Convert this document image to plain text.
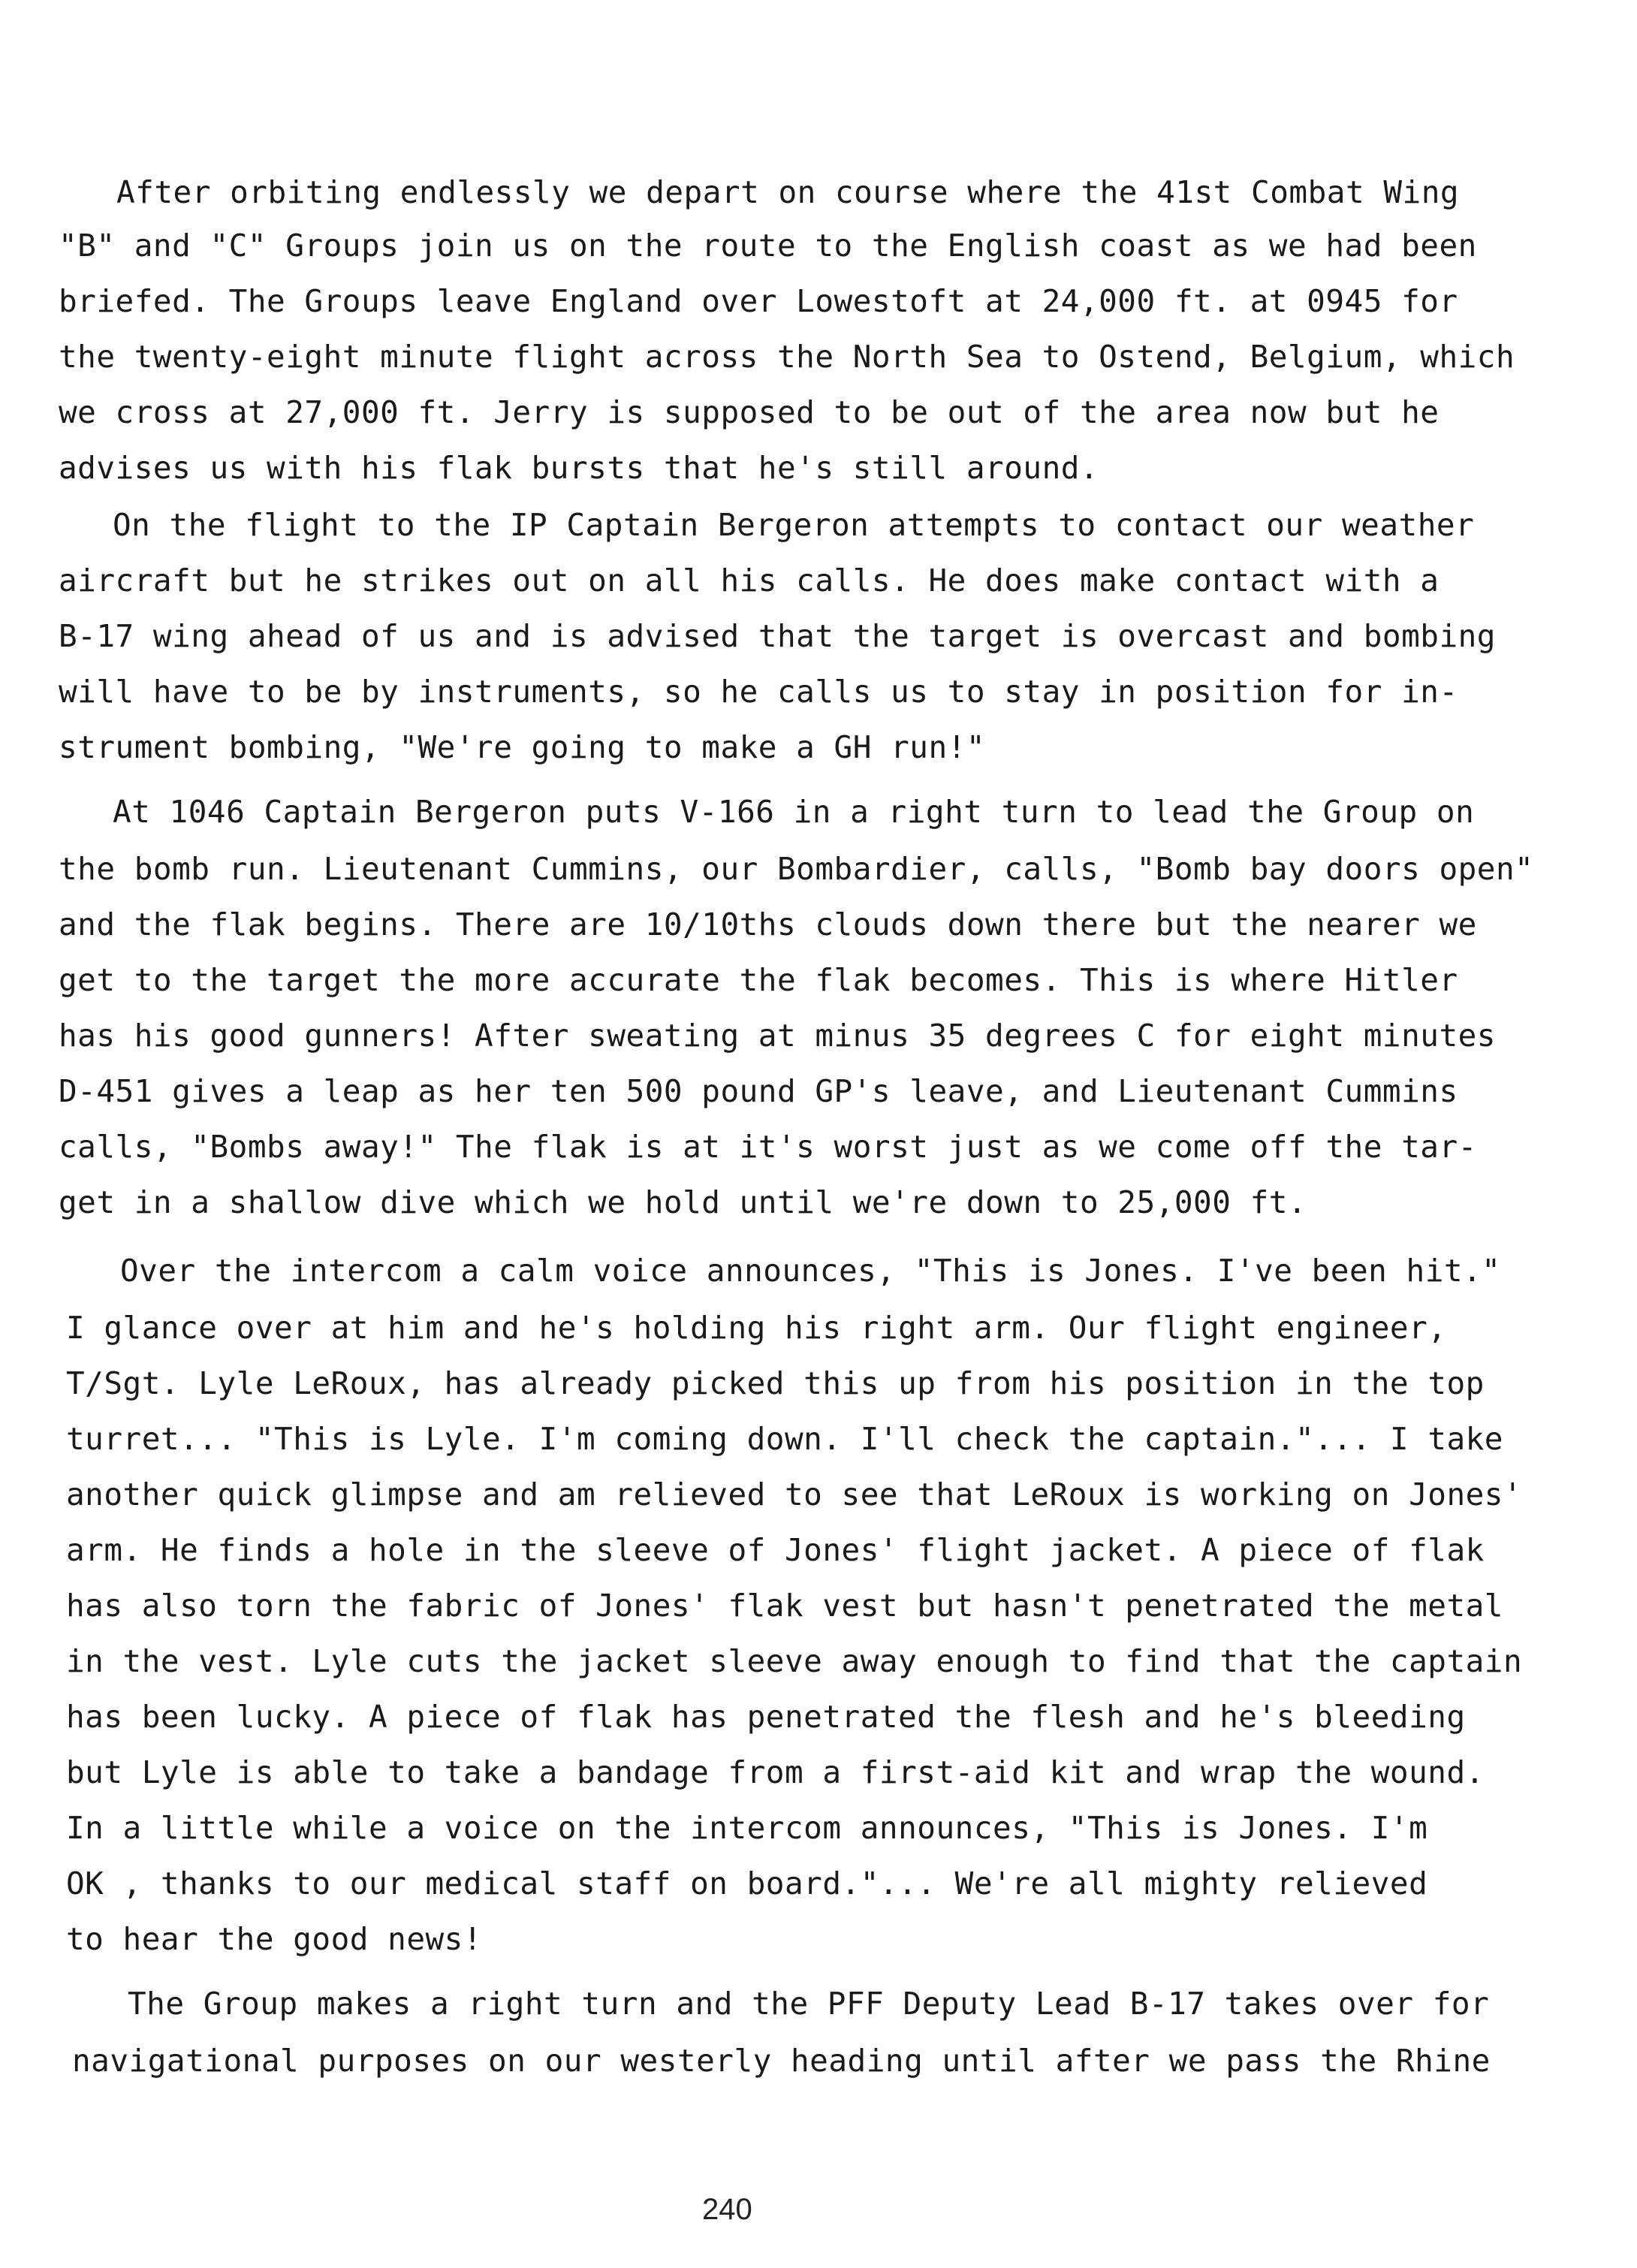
After orbiting endlessly we depart on course where the 41st Combat Wing
"B" and "C" Groups join us on the route to the English coast as we had been
briefed. The Groups leave England over Lowestoft at 24,000 ft. at 0945 for
the twenty-eight minute flight across the North Sea to Ostend, Belgium, which
we cross at 27,000 ft. Jerry is supposed to be out of the area now but he
advises us with his flak bursts that he's still around.
On the flight to the IP Captain Bergeron attempts to contact our weather
aircraft but he strikes out on all his calls. He does make contact with a
B-17 wing ahead of us and is advised that the target is overcast and bombing
will have to be by instruments, so he calls us to stay in position for in-
strument bombing, "We're going to make a GH run!"
At 1046 Captain Bergeron puts V-166 in a right turn to lead the Group on
the bomb run. Lieutenant Cummins, our Bombardier, calls, "Bomb bay doors open"
and the flak begins. There are 10/10ths clouds down there but the nearer we
get to the target the more accurate the flak becomes. This is where Hitler
has his good gunners! After sweating at minus 35 degrees C for eight minutes
D-451 gives a leap as her ten 500 pound GP's leave, and Lieutenant Cummins
calls, "Bombs away!" The flak is at it's worst just as we come off the tar-
get in a shallow dive which we hold until we're down to 25,000 ft.
Over the intercom a calm voice announces, "This is Jones. I've been hit."
I glance over at him and he's holding his right arm. Our flight engineer,
T/Sgt. Lyle LeRoux, has already picked this up from his position in the top
turret... "This is Lyle. I'm coming down. I'll check the captain."... I take
another quick glimpse and am relieved to see that LeRoux is working on Jones'
arm. He finds a hole in the sleeve of Jones' flight jacket. A piece of flak
has also torn the fabric of Jones' flak vest but hasn't penetrated the metal
in the vest. Lyle cuts the jacket sleeve away enough to find that the captain
has been lucky. A piece of flak has penetrated the flesh and he's bleeding
but Lyle is able to take a bandage from a first-aid kit and wrap the wound.
In a little while a voice on the intercom announces, "This is Jones. I'm
OK , thanks to our medical staff on board."... We're all mighty relieved
to hear the good news!
The Group makes a right turn and the PFF Deputy Lead B-17 takes over for
navigational purposes on our westerly heading until after we pass the Rhine
240
